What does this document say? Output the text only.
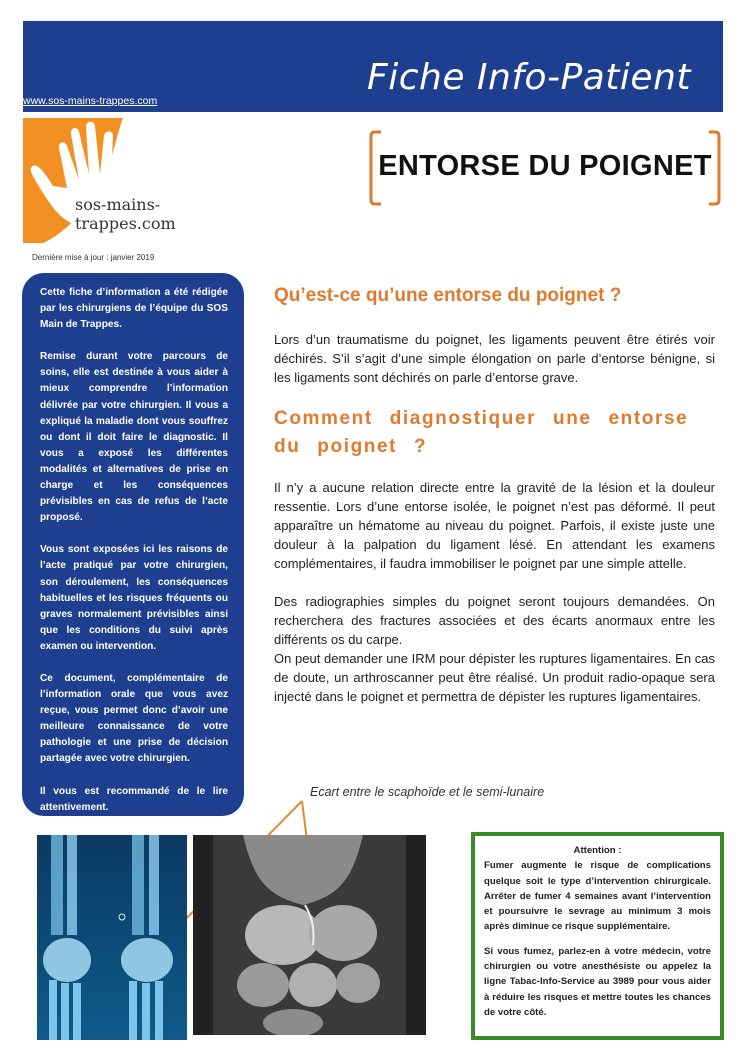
Fiche Info-Patient
www.sos-mains-trappes.com
sos-mains-trappes.com
Dernière mise à jour : janvier 2019
ENTORSE DU POIGNET

Cette fiche d’information a été rédigée par les chirurgiens de l’équipe du SOS Main de Trappes.

Remise durant votre parcours de soins, elle est destinée à vous aider à mieux comprendre l’information délivrée par votre chirurgien. Il vous a expliqué la maladie dont vous souffrez ou dont il doit faire le diagnostic. Il vous a exposé les différentes modalités et alternatives de prise en charge et les conséquences prévisibles en cas de refus de l’acte proposé.

Vous sont exposées ici les raisons de l’acte pratiqué par votre chirurgien, son déroulement, les conséquences habituelles et les risques fréquents ou graves normalement prévisibles ainsi que les conditions du suivi après examen ou intervention.

Ce document, complémentaire de l’information orale que vous avez reçue, vous permet donc d’avoir une meilleure connaissance de votre pathologie et une prise de décision partagée avec votre chirurgien.

Il vous est recommandé de le lire attentivement.

Qu’est-ce qu’une entorse du poignet ?

Lors d’un traumatisme du poignet, les ligaments peuvent être étirés voir déchirés. S’il s’agit d’une simple élongation on parle d’entorse bénigne, si les ligaments sont déchirés on parle d’entorse grave.

Comment diagnostiquer une entorse du poignet ?

Il n’y a aucune relation directe entre la gravité de la lésion et la douleur ressentie. Lors d’une entorse isolée, le poignet n’est pas déformé. Il peut apparaître un hématome au niveau du poignet. Parfois, il existe juste une douleur à la palpation du ligament lésé. En attendant les examens complémentaires, il faudra immobiliser le poignet par une simple attelle.

Des radiographies simples du poignet seront toujours demandées. On recherchera des fractures associées et des écarts anormaux entre les différents os du carpe.

On peut demander une IRM pour dépister les ruptures ligamentaires. En cas de doute, un arthroscanner peut être réalisé. Un produit radio-opaque sera injecté dans le poignet et permettra de dépister les ruptures ligamentaires.

Ecart entre le scaphoïde et le semi-lunaire

Attention :

Fumer augmente le risque de complications quelque soit le type d’intervention chirurgicale. Arrêter de fumer 4 semaines avant l’intervention et poursuivre le sevrage au minimum 3 mois après diminue ce risque supplémentaire.

Si vous fumez, parlez-en à votre médecin, votre chirurgien ou votre anesthésiste ou appelez la ligne Tabac-Info-Service au 3989 pour vous aider à réduire les risques et mettre toutes les chances de votre côté.
